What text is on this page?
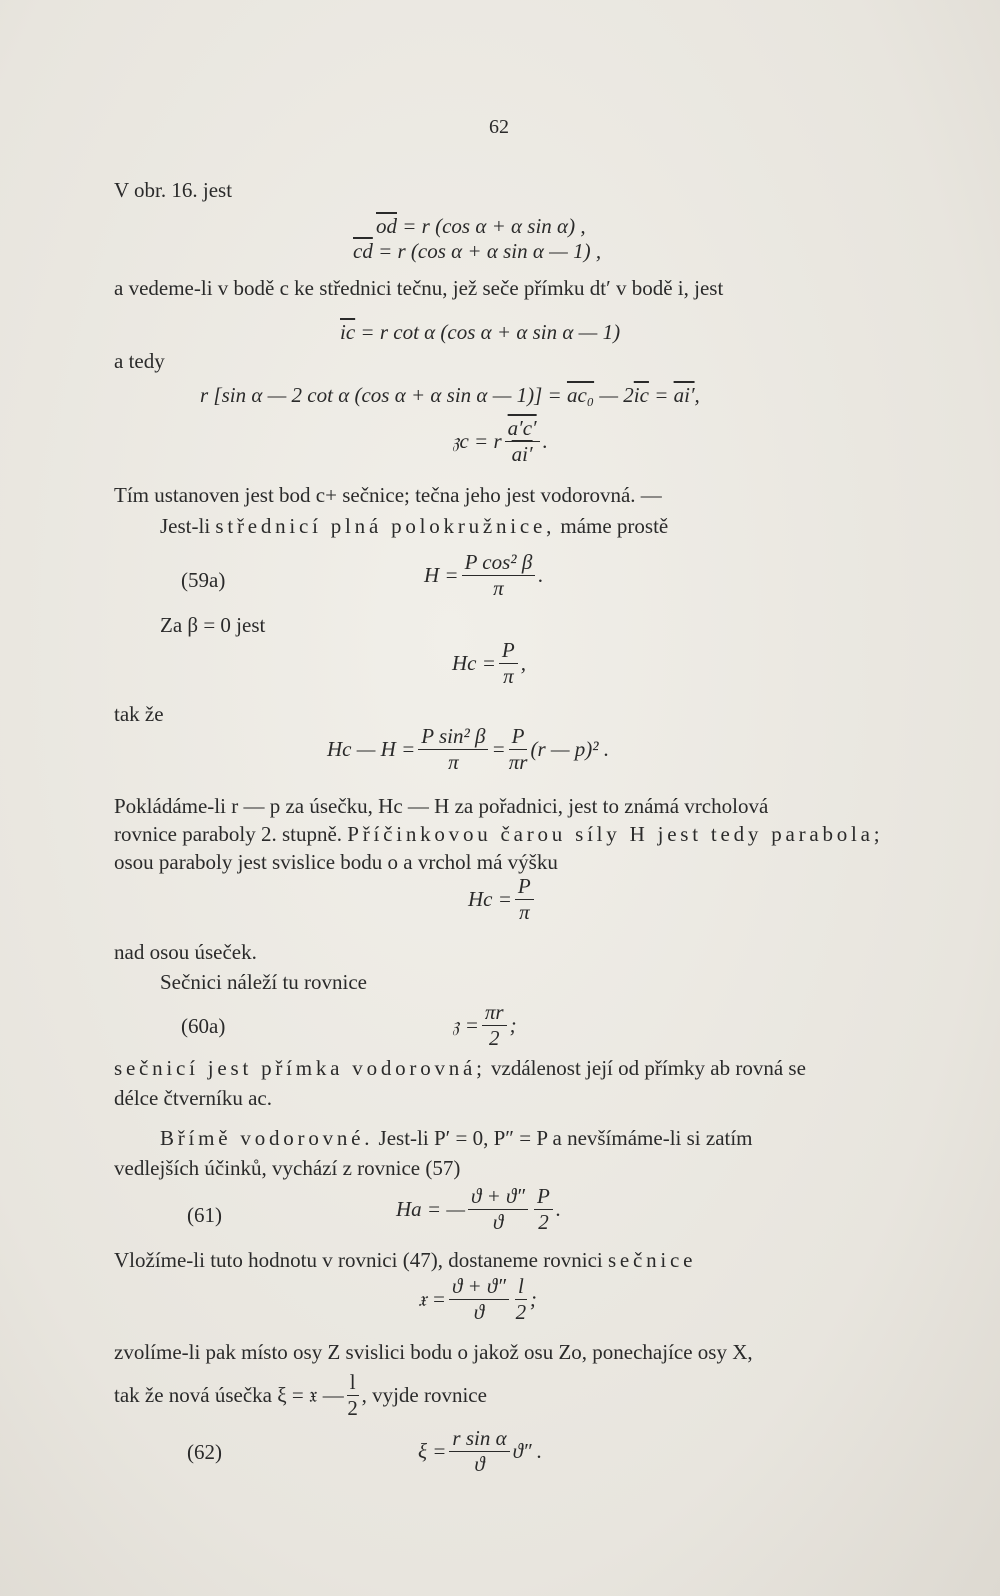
62
V obr. 16. jest
$\overline{od} = r$ (cos α + α sin α) ,
$\overline{cd} = r$ (cos α + α sin α — 1) ,
a vedeme-li v bodě c ke střednici tečnu, jež seče přímku dt′ v bodě i, jest
$\overline{ic} = r$ cot α (cos α + α sin α — 1)
a tedy
r [sin α — 2 cot α (cos α + α sin α — 1)] = ac₀ — $2\overline{ic} = ai'$,
𝔷c = r $\frac{a'c'}{ai'}$ .
Tím ustanoven jest bod c+ sečnice; tečna jeho jest vodorovná. —
Jest-li střednicí plná polokružnice, máme prostě
(59a)	$H = \frac{\text{P cos² β}}{\pi}$ .
Za β = 0 jest
$Hc = \frac{P}{\pi}$ ,
tak že
Hc — $H = \frac{\text{P sin² β}}{\pi} = \frac{P}{\pi r} (r$ — p)² .
Pokládáme-li r — p za úsečku, Hc — H za pořadnici, jest to známá vrcholová
rovnice paraboly 2. stupně. Příčinkovou čarou síly H jest tedy parabola;
osou paraboly jest svislice bodu o a vrchol má výšku
$Hc = \frac{P}{\pi}$
nad osou úseček.
Sečnici náleží tu rovnice
(60a)	𝔷 = $\frac{\pi r}{2}$ ;
sečnicí jest přímka vodorovná; vzdálenost její od přímky ab rovná se
délce čtverníku ac.
Břímě vodorovné. Jest-li P′ = 0, P″ = P a nevšímáme-li si zatím
vedlejších účinků, vychází z rovnice (57)
(61)	Ha = — $\frac{ϑ + ϑ''}{ϑ} \frac{P}{2}$ .
Vložíme-li tuto hodnotu v rovnici (47), dostaneme rovnici sečnice
𝔵 = $\frac{ϑ + ϑ''}{ϑ} \frac{l}{2}$ ;
zvolíme-li pak místo osy Z svislici bodu o jakož osu Zo, ponechajíce osy X,
tak že nová úsečka ξ = 𝔵 — $\frac{l}{2}$ , vyjde rovnice
(62)	$\xi = \frac{\text{r sin α}}{ϑ} ϑ''$ .
